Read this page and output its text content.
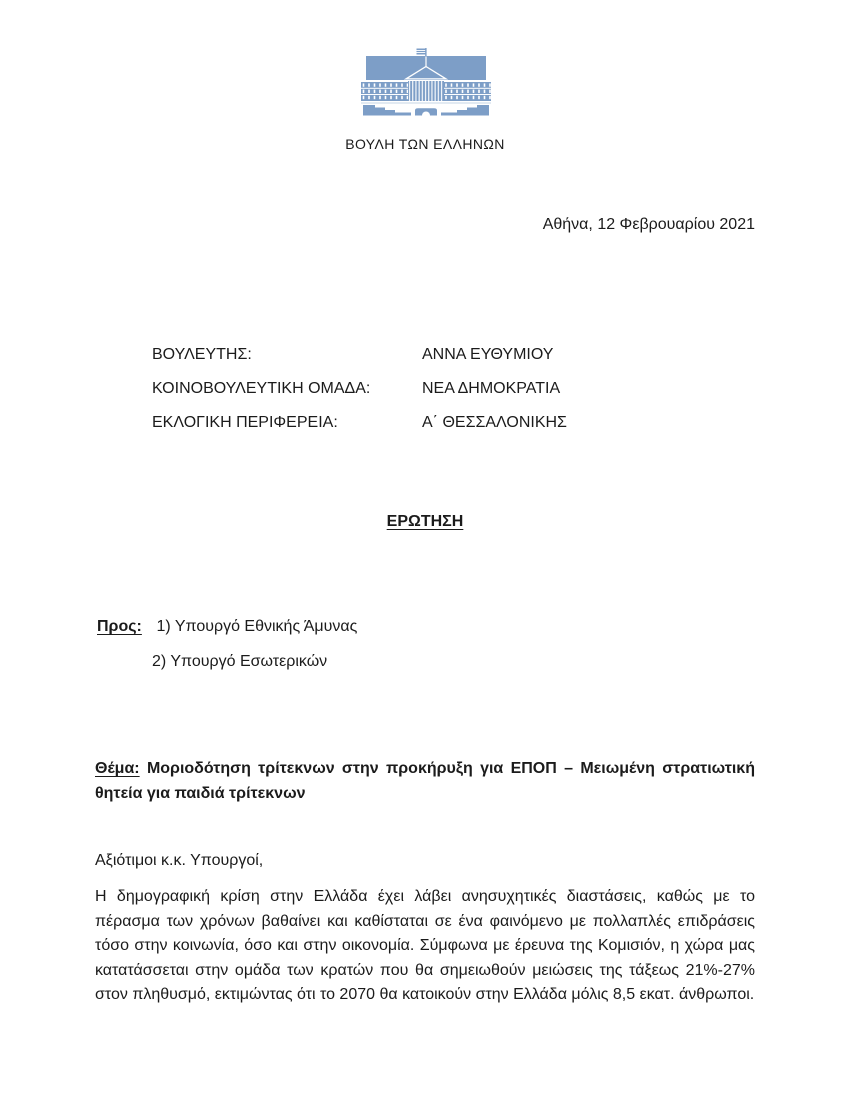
ΒΟΥΛΗ ΤΩΝ ΕΛΛΗΝΩΝ
Αθήνα, 12 Φεβρουαρίου 2021
ΒΟΥΛΕΥΤΗΣ:	ΑΝΝΑ ΕΥΘΥΜΙΟΥ
ΚΟΙΝΟΒΟΥΛΕΥΤΙΚΗ ΟΜΑΔΑ:	ΝΕΑ ΔΗΜΟΚΡΑΤΙΑ
ΕΚΛΟΓΙΚΗ ΠΕΡΙΦΕΡΕΙΑ:	Α΄ ΘΕΣΣΑΛΟΝΙΚΗΣ
ΕΡΩΤΗΣΗ
Προς: 1) Υπουργό Εθνικής Άμυνας
2) Υπουργό Εσωτερικών
Θέμα: Μοριοδότηση τρίτεκνων στην προκήρυξη για ΕΠΟΠ – Μειωμένη στρατιωτική θητεία για παιδιά τρίτεκνων
Αξιότιμοι κ.κ. Υπουργοί,
Η δημογραφική κρίση στην Ελλάδα έχει λάβει ανησυχητικές διαστάσεις, καθώς με το πέρασμα των χρόνων βαθαίνει και καθίσταται σε ένα φαινόμενο με πολλαπλές επιδράσεις τόσο στην κοινωνία, όσο και στην οικονομία. Σύμφωνα με έρευνα της Κομισιόν, η χώρα μας κατατάσσεται στην ομάδα των κρατών που θα σημειωθούν μειώσεις της τάξεως 21%-27% στον πληθυσμό, εκτιμώντας ότι το 2070 θα κατοικούν στην Ελλάδα μόλις 8,5 εκατ. άνθρωποι.
